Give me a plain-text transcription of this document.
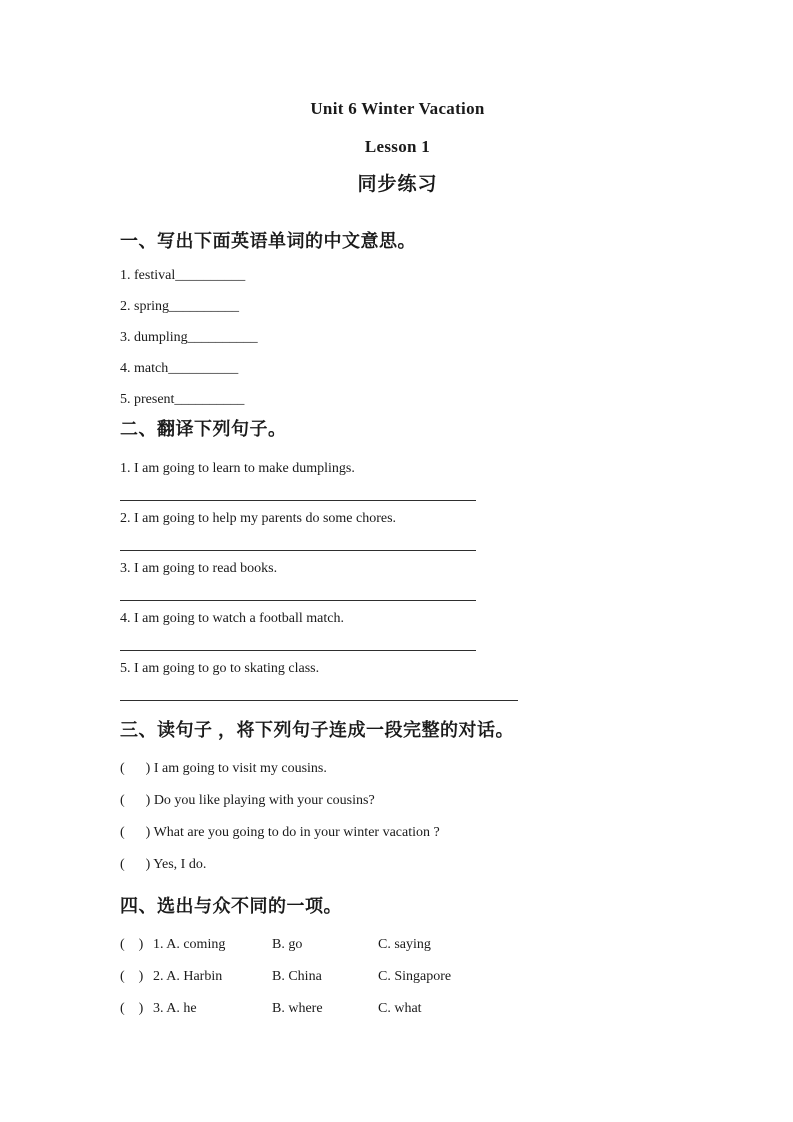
Unit 6 Winter Vacation
Lesson 1
同步练习
一、写出下面英语单词的中文意思。

1. festival__________

2. spring__________

3. dumpling__________

4. match__________

5. present__________

二、翻译下列句子。

1. I am going to learn to make dumplings.

2. I am going to help my parents do some chores.

3. I am going to read books.

4. I am going to watch a football match.

5. I am going to go to skating class.

三、读句子 ，将下列句子连成一段完整的对话。

(      ) I am going to visit my cousins.

(      ) Do you like playing with your cousins?

(      ) What are you going to do in your winter vacation ?

(      ) Yes, I do.

四、选出与众不同的一项。
(    ) 1. A. coming	B. go	C. saying
(    ) 2. A. Harbin	B. China	C. Singapore
(    ) 3. A. he	B. where	C. what
